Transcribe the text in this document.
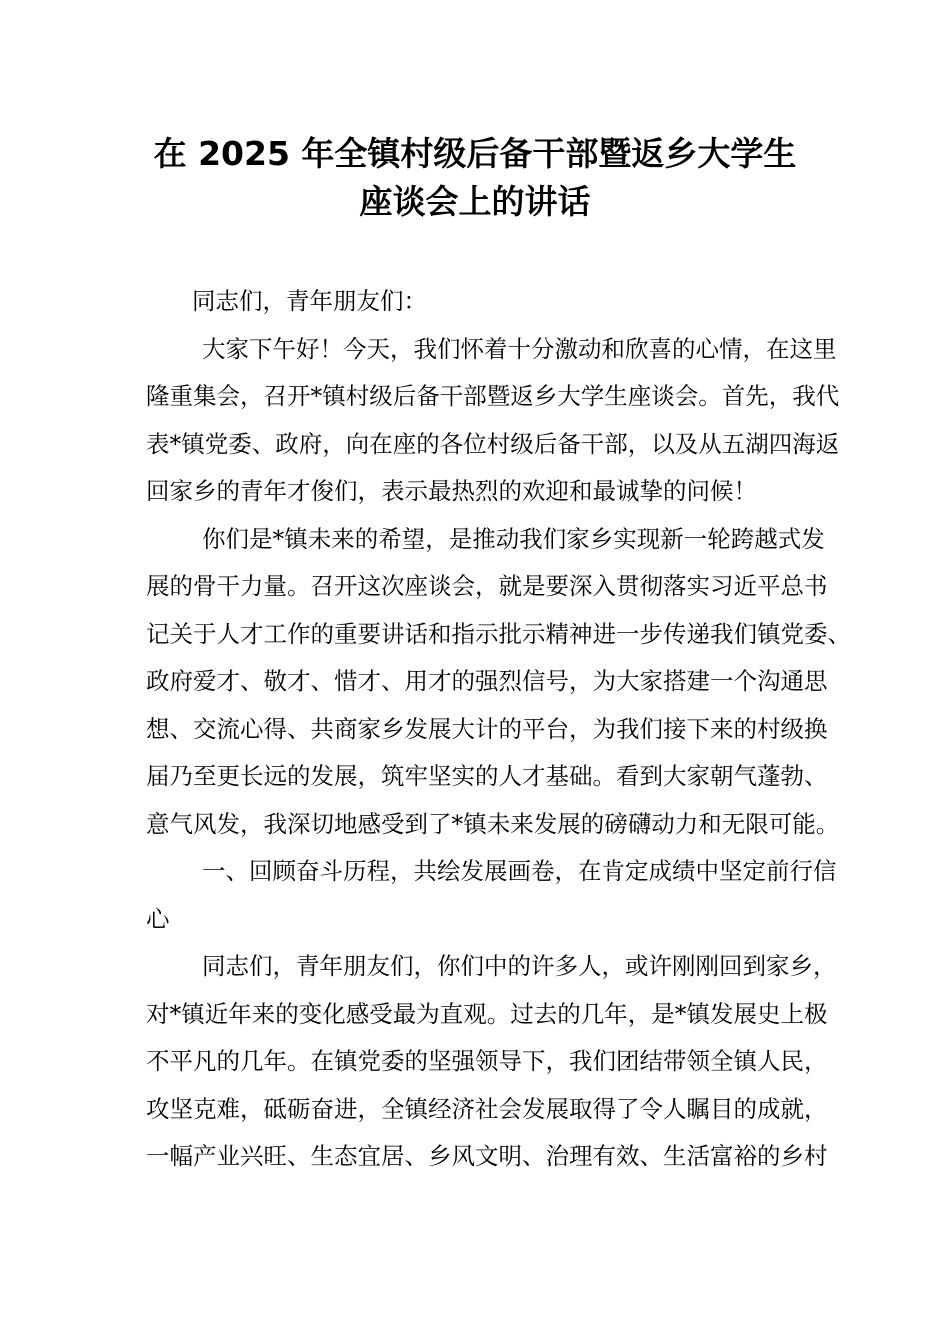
在 2025 年全镇村级后备干部暨返乡大学生
座谈会上的讲话
同志们，青年朋友们：
大家下午好！今天，我们怀着十分激动和欣喜的心情，在这里
隆重集会，召开*镇村级后备干部暨返乡大学生座谈会。首先，我代
表*镇党委、政府，向在座的各位村级后备干部，以及从五湖四海返
回家乡的青年才俊们，表示最热烈的欢迎和最诚挚的问候！
你们是*镇未来的希望，是推动我们家乡实现新一轮跨越式发
展的骨干力量。召开这次座谈会，就是要深入贯彻落实习近平总书
记关于人才工作的重要讲话和指示批示精神进一步传递我们镇党委、
政府爱才、敬才、惜才、用才的强烈信号，为大家搭建一个沟通思
想、交流心得、共商家乡发展大计的平台，为我们接下来的村级换
届乃至更长远的发展，筑牢坚实的人才基础。看到大家朝气蓬勃、
意气风发，我深切地感受到了*镇未来发展的磅礴动力和无限可能。
一、回顾奋斗历程，共绘发展画卷，在肯定成绩中坚定前行信
心
同志们，青年朋友们，你们中的许多人，或许刚刚回到家乡，
对*镇近年来的变化感受最为直观。过去的几年，是*镇发展史上极
不平凡的几年。在镇党委的坚强领导下，我们团结带领全镇人民，
攻坚克难，砥砺奋进，全镇经济社会发展取得了令人瞩目的成就，
一幅产业兴旺、生态宜居、乡风文明、治理有效、生活富裕的乡村
